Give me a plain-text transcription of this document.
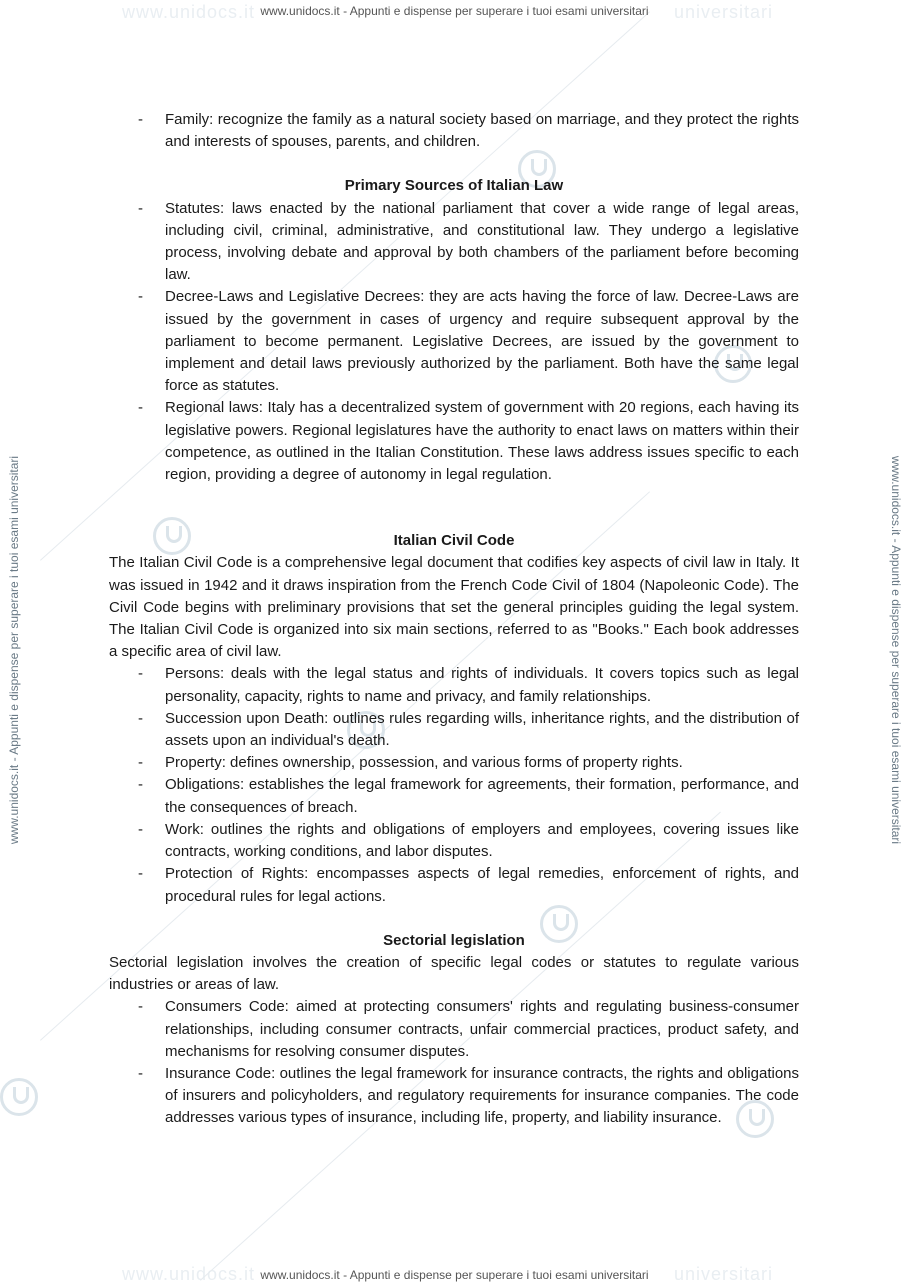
www.unidocs.it	universitari
www.unidocs.it	universitari
www.unidocs.it - Appunti e dispense per superare i tuoi esami universitari
www.unidocs.it - Appunti e dispense per superare i tuoi esami universitari
www.unidocs.it - Appunti e dispense per superare i tuoi esami universitari	www.unidocs.it - Appunti e dispense per superare i tuoi esami universitari
- Family: recognize the family as a natural society based on marriage, and they protect the rights and interests of spouses, parents, and children.
Primary Sources of Italian Law
- Statutes: laws enacted by the national parliament that cover a wide range of legal areas, including civil, criminal, administrative, and constitutional law. They undergo a legislative process, involving debate and approval by both chambers of the parliament before becoming law.
- Decree-Laws and Legislative Decrees: they are acts having the force of law. Decree-Laws are issued by the government in cases of urgency and require subsequent approval by the parliament to become permanent. Legislative Decrees, are issued by the government to implement and detail laws previously authorized by the parliament. Both have the same legal force as statutes.
- Regional laws: Italy has a decentralized system of government with 20 regions, each having its legislative powers. Regional legislatures have the authority to enact laws on matters within their competence, as outlined in the Italian Constitution. These laws address issues specific to each region, providing a degree of autonomy in legal regulation.
Italian Civil Code

The Italian Civil Code is a comprehensive legal document that codifies key aspects of civil law in Italy. It was issued in 1942 and it draws inspiration from the French Code Civil of 1804 (Napoleonic Code). The Civil Code begins with preliminary provisions that set the general principles guiding the legal system. The Italian Civil Code is organized into six main sections, referred to as "Books." Each book addresses a specific area of civil law.

- Persons: deals with the legal status and rights of individuals. It covers topics such as legal personality, capacity, rights to name and privacy, and family relationships.
- Succession upon Death: outlines rules regarding wills, inheritance rights, and the distribution of assets upon an individual's death.
- Property: defines ownership, possession, and various forms of property rights.
- Obligations: establishes the legal framework for agreements, their formation, performance, and the consequences of breach.
- Work: outlines the rights and obligations of employers and employees, covering issues like contracts, working conditions, and labor disputes.
- Protection of Rights: encompasses aspects of legal remedies, enforcement of rights, and procedural rules for legal actions.
Sectorial legislation

Sectorial legislation involves the creation of specific legal codes or statutes to regulate various industries or areas of law.

- Consumers Code: aimed at protecting consumers' rights and regulating business-consumer relationships, including consumer contracts, unfair commercial practices, product safety, and mechanisms for resolving consumer disputes.
- Insurance Code: outlines the legal framework for insurance contracts, the rights and obligations of insurers and policyholders, and regulatory requirements for insurance companies. The code addresses various types of insurance, including life, property, and liability insurance.
